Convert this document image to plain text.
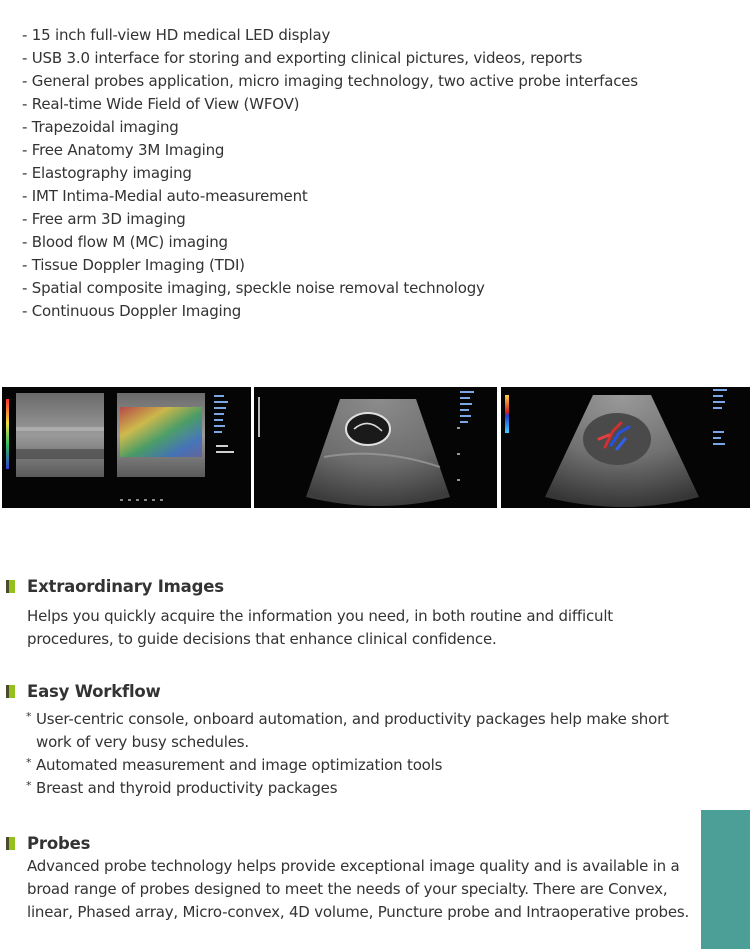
- 15 inch full-view HD medical LED display
- USB 3.0 interface for storing and exporting clinical pictures, videos, reports
- General probes application, micro imaging technology, two active probe interfaces
- Real-time Wide Field of View (WFOV)
- Trapezoidal imaging
- Free Anatomy 3M Imaging
- Elastography imaging
- IMT Intima-Medial auto-measurement
- Free arm 3D imaging
- Blood flow M (MC) imaging
- Tissue Doppler Imaging (TDI)
- Spatial composite imaging, speckle noise removal technology
- Continuous Doppler Imaging
Extraordinary Images
Helps you quickly acquire the information you need, in both routine and difficult procedures, to guide decisions that enhance clinical confidence.
Easy Workflow
* User-centric console, onboard automation, and productivity packages help make short work of very busy schedules.
* Automated measurement and image optimization tools
* Breast and thyroid productivity packages
Probes
Advanced probe technology helps provide exceptional image quality and is available in a broad range of probes designed to meet the needs of your specialty. There are Convex, linear, Phased array, Micro-convex, 4D volume, Puncture probe and Intraoperative probes.
